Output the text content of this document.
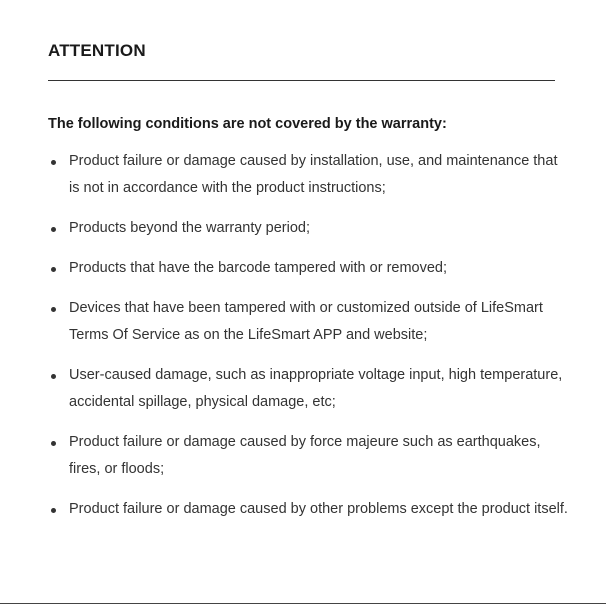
ATTENTION
The following conditions are not covered by the warranty:
Product failure or damage caused by installation, use, and maintenance that is not in accordance with the product instructions;
Products beyond the warranty period;
Products that have the barcode tampered with or removed;
Devices that have been tampered with or customized outside of LifeSmart Terms Of Service as on the LifeSmart APP and website;
User-caused damage, such as inappropriate voltage input, high temperature, accidental spillage, physical damage, etc;
Product failure or damage caused by force majeure such as earthquakes, fires, or floods;
Product failure or damage caused by other problems except the product itself.
